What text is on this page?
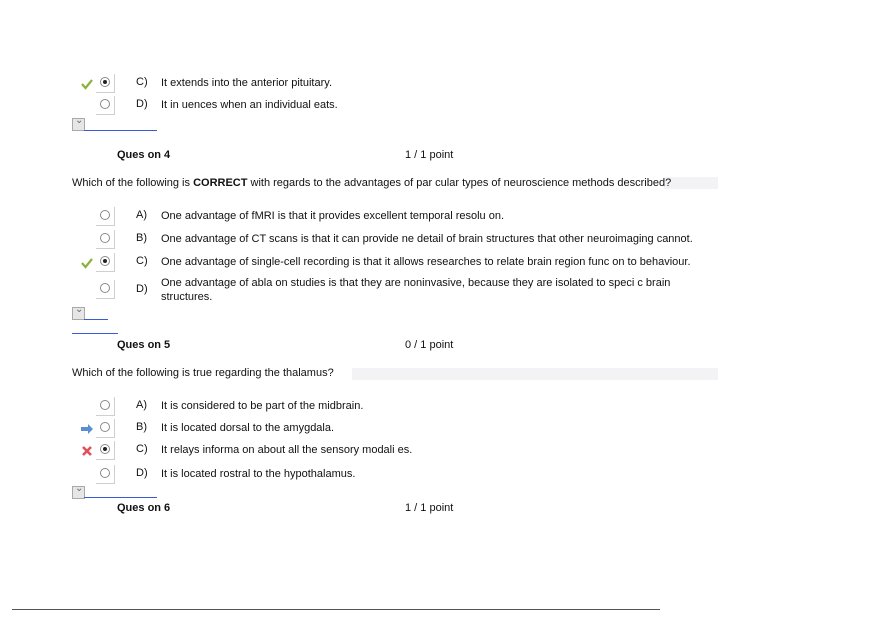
C) It extends into the anterior pituitary.
D) It in uences when an individual eats.
⌄
Ques on 4	1 / 1 point
Which of the following is CORRECT with regards to the advantages of par cular types of neuroscience methods described?
A) One advantage of fMRI is that it provides excellent temporal resolu on.
B) One advantage of CT scans is that it can provide ne detail of brain structures that other neuroimaging cannot.
C) One advantage of single-cell recording is that it allows researches to relate brain region func on to behaviour.
D) One advantage of abla on studies is that they are noninvasive, because they are isolated to speci c brain structures.
⌄
Ques on 5	0 / 1 point
Which of the following is true regarding the thalamus?
A) It is considered to be part of the midbrain.
B) It is located dorsal to the amygdala.
C) It relays informa on about all the sensory modali es.
D) It is located rostral to the hypothalamus.
⌄
Ques on 6	1 / 1 point
